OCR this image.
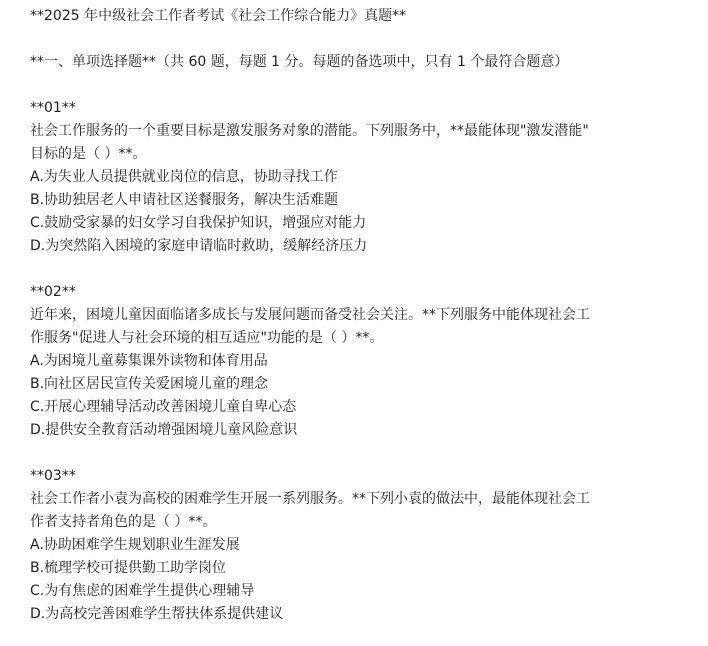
**2025 年中级社会工作者考试《社会工作综合能力》真题**
**一、单项选择题**（共 60 题，每题 1 分。每题的备选项中，只有 1 个最符合题意）
**01**
社会工作服务的一个重要目标是激发服务对象的潜能。下列服务中，**最能体现"激发潜能"
目标的是（ ）**。
A.为失业人员提供就业岗位的信息，协助寻找工作
B.协助独居老人申请社区送餐服务，解决生活难题
C.鼓励受家暴的妇女学习自我保护知识，增强应对能力
D.为突然陷入困境的家庭申请临时救助，缓解经济压力
**02**
近年来，困境儿童因面临诸多成长与发展问题而备受社会关注。**下列服务中能体现社会工
作服务"促进人与社会环境的相互适应"功能的是（ ）**。
A.为困境儿童募集课外读物和体育用品
B.向社区居民宣传关爱困境儿童的理念
C.开展心理辅导活动改善困境儿童自卑心态
D.提供安全教育活动增强困境儿童风险意识
**03**
社会工作者小袁为高校的困难学生开展一系列服务。**下列小袁的做法中，最能体现社会工
作者支持者角色的是（ ）**。
A.协助困难学生规划职业生涯发展
B.梳理学校可提供勤工助学岗位
C.为有焦虑的困难学生提供心理辅导
D.为高校完善困难学生帮扶体系提供建议
